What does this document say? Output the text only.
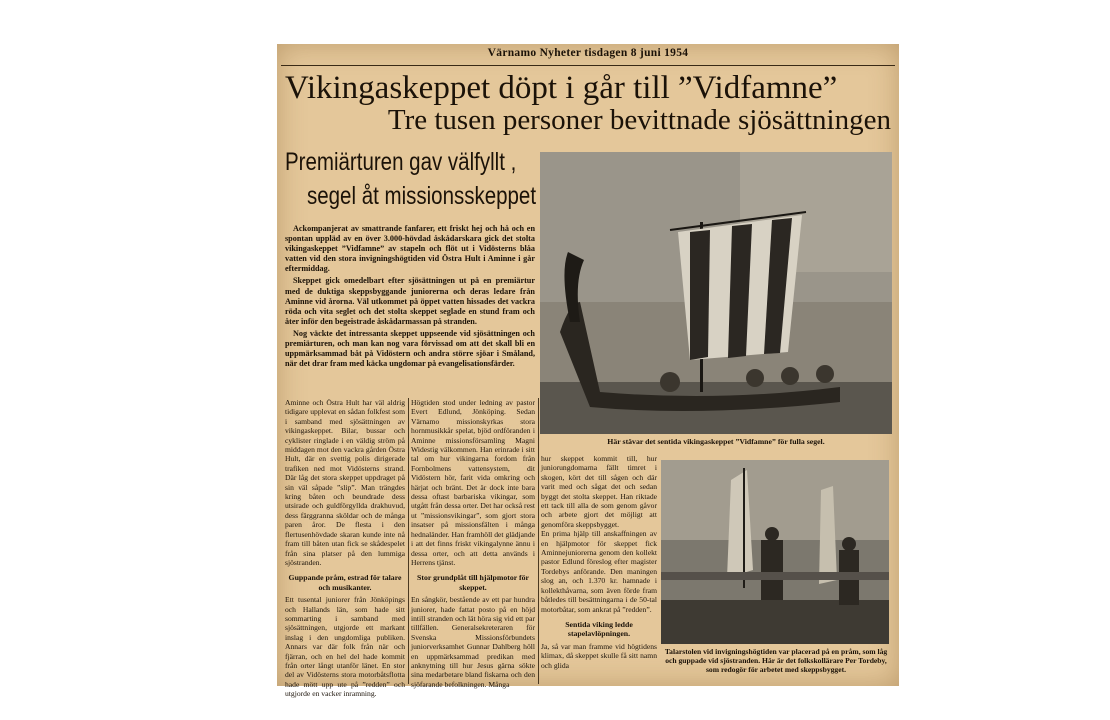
Värnamo Nyheter tisdagen 8 juni 1954
Vikingaskeppet döpt i går till ”Vidfamne”
Tre tusen personer bevittnade sjösättningen
Premiärturen gav välfyllt ,
segel åt missionsskeppet

Ackompanjerat av smattrande fanfarer, ett friskt hej och hå och en spontan uppläd av en över 3.000-hövdad åskådarskara gick det stolta vikingaskeppet ”Vidfamne” av stapeln och flöt ut i Vidösterns blåa vatten vid den stora invigningshögtiden vid Östra Hult i Aminne i går eftermiddag.

Skeppet gick omedelbart efter sjösättningen ut på en premiärtur med de duktiga skeppsbyggande juniorerna och deras ledare från Aminne vid årorna. Väl utkommet på öppet vatten hissades det vackra röda och vita seglet och det stolta skeppet seglade en stund fram och åter inför den begeistrade åskådarmassan på stranden.

Nog väckte det intressanta skeppet uppseende vid sjösättningen och premiärturen, och man kan nog vara förvissad om att det skall bli en uppmärksammad båt på Vidöstern och andra större sjöar i Småland, när det drar fram med käcka ungdomar på evangelisationsfärder.

Aminne och Östra Hult har väl aldrig tidigare upplevat en sådan folkfest som i samband med sjösättningen av vikingaskeppet. Bilar, bussar och cyklister ringlade i en väldig ström på middagen mot den vackra gården Östra Hult, där en svettig polis dirigerade trafiken ned mot Vidösterns strand. Där låg det stora skeppet uppdraget på sin väl såpade ”slip”. Man trängdes kring båten och beundrade dess utsirade och guldförgyllda drakhuvud, dess färggranna sköldar och de många paren åror. De flesta i den flertusenhövdade skaran kunde inte nå fram till båten utan fick se skådespelet från sina platser på den lummiga sjöstranden.
Guppande pråm, estrad för talare och musikanter.
Ett tusental juniorer från Jönköpings och Hallands län, som hade sitt sommarting i samband med sjösättningen, utgjorde ett markant inslag i den ungdomliga publiken. Annars var där folk från när och fjärran, och en hel del hade kommit från orter långt utanför länet. En stor del av Vidösterns stora motorbåtsflotta hade mött upp ute på ”redden” och utgjorde en vacker inramning.
Högtiden stod under ledning av pastor Evert Edlund, Jönköping. Sedan Värnamo missionskyrkas stora hornmusikkår spelat, bjöd ordföranden i Aminne missionsförsamling Magni Widestig välkommen. Han erinrade i sitt tal om hur vikingarna fordom från Fornbolmens vattensystem, dit Vidöstern hör, farit vida omkring och härjat och bränt. Det är dock inte bara dessa oftast barbariska vikingar, som utgått från dessa orter. Det har också rest ut ”missionsvikingar”, som gjort stora insatser på missionsfälten i många hednaländer. Han framhöll det glädjande i att det finns friskt vikingalynne ännu i dessa orter, och att detta används i Herrens tjänst.
Stor grundplåt till hjälpmotor för skeppet.
En sångkör, bestående av ett par hundra juniorer, hade fattat posto på en höjd intill stranden och lät höra sig vid ett par tillfällen. Generalsekreteraren för Svenska Missionsförbundets juniorverksamhet Gunnar Dahlberg höll en uppmärksammad predikan med anknytning till hur Jesus gärna sökte sina medarbetare bland fiskarna och den sjöfarande befolkningen. Många
hur skeppet kommit till, hur juniorungdomarna fällt timret i skogen, kört det till sågen och där varit med och sågat det och sedan byggt det stolta skeppet. Han riktade ett tack till alla de som genom gåvor och arbete gjort det möjligt att genomföra skeppsbygget.
En prima hjälp till anskaffningen av en hjälpmotor för skeppet fick Aminnejuniorerna genom den kollekt pastor Edlund föreslog efter magister Tordebys anförande. Den maningen slog an, och 1.370 kr. hamnade i kollekthåvarna, som även förde fram båtledes till besättningarna i de 50-tal motorbåtar, som ankrat på ”redden”.
Sentida viking ledde stapelavlöpningen.
Ja, så var man framme vid högtidens klimax, då skeppet skulle få sitt namn och glida
Här stävar det sentida vikingaskeppet ”Vidfamne” för fulla segel.
Talarstolen vid invigningshögtiden var placerad på en pråm, som låg och guppade vid sjöstranden. Här är det folkskollärare Per Tordeby, som redogör för arbetet med skeppsbygget.
